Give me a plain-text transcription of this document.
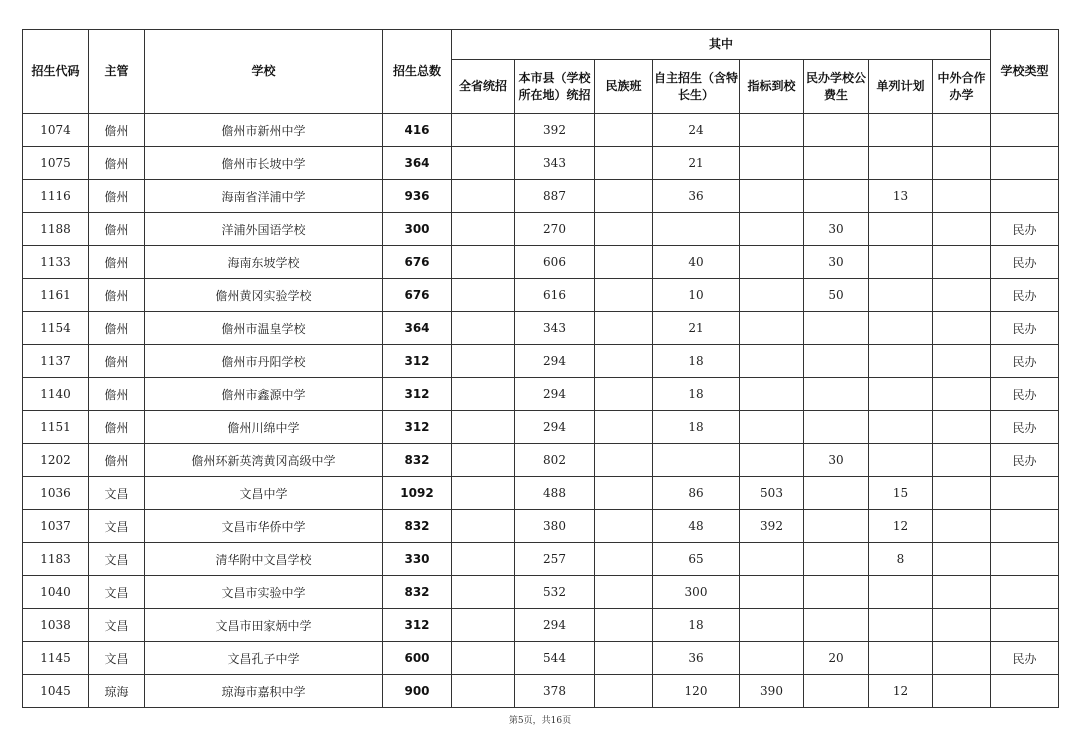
招生代码	主管	学校	招生总数	其中								学校类型
				全省统招	本市县（学校所在地）统招	民族班	自主招生（含特长生）	指标到校	民办学校公费生	单列计划	中外合作办学	
1074	儋州	儋州市新州中学	416		392		24					
1075	儋州	儋州市长坡中学	364		343		21					
1116	儋州	海南省洋浦中学	936		887		36			13		
1188	儋州	洋浦外国语学校	300		270				30			民办
1133	儋州	海南东坡学校	676		606		40		30			民办
1161	儋州	儋州黄冈实验学校	676		616		10		50			民办
1154	儋州	儋州市温皇学校	364		343		21					民办
1137	儋州	儋州市丹阳学校	312		294		18					民办
1140	儋州	儋州市鑫源中学	312		294		18					民办
1151	儋州	儋州川绵中学	312		294		18					民办
1202	儋州	儋州环新英湾黄冈高级中学	832		802				30			民办
1036	文昌	文昌中学	1092		488		86	503		15		
1037	文昌	文昌市华侨中学	832		380		48	392		12		
1183	文昌	清华附中文昌学校	330		257		65			8		
1040	文昌	文昌市实验中学	832		532		300					
1038	文昌	文昌市田家炳中学	312		294		18					
1145	文昌	文昌孔子中学	600		544		36		20			民办
1045	琼海	琼海市嘉积中学	900		378		120	390		12		
第5页，共16页
